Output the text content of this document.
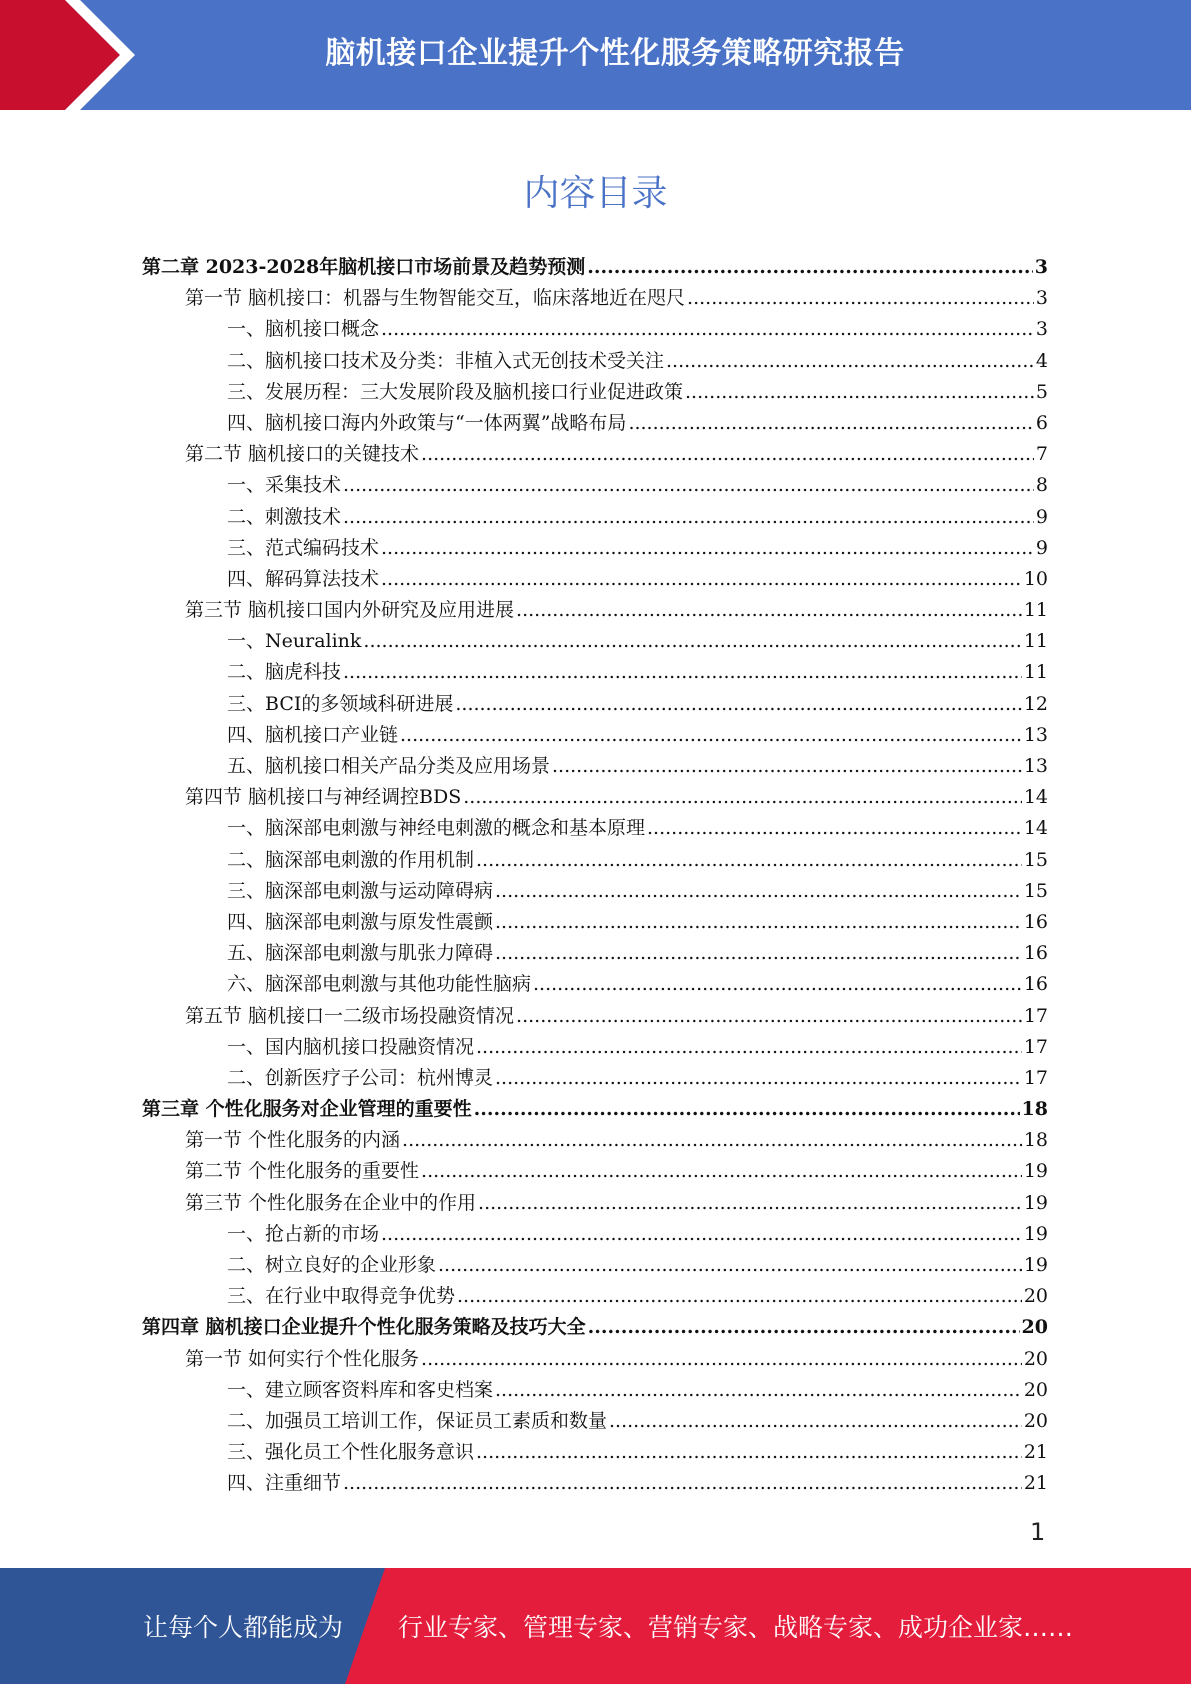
脑机接口企业提升个性化服务策略研究报告
内容目录
第二章 2023-2028年脑机接口市场前景及趋势预测 .....	3
第一节 脑机接口：机器与生物智能交互，临床落地近在咫尺 .....	3
一、脑机接口概念 .....	3
二、脑机接口技术及分类：非植入式无创技术受关注 .....	4
三、发展历程：三大发展阶段及脑机接口行业促进政策 .....	5
四、脑机接口海内外政策与“一体两翼”战略布局 .....	6
第二节 脑机接口的关键技术 .....	7
一、采集技术 .....	8
二、刺激技术 .....	9
三、范式编码技术 .....	9
四、解码算法技术 .....	10
第三节 脑机接口国内外研究及应用进展 .....	11
一、Neuralink .....	11
二、脑虎科技 .....	11
三、BCI的多领域科研进展 .....	12
四、脑机接口产业链 .....	13
五、脑机接口相关产品分类及应用场景 .....	13
第四节 脑机接口与神经调控BDS .....	14
一、脑深部电刺激与神经电刺激的概念和基本原理 .....	14
二、脑深部电刺激的作用机制 .....	15
三、脑深部电刺激与运动障碍病 .....	15
四、脑深部电刺激与原发性震颤 .....	16
五、脑深部电刺激与肌张力障碍 .....	16
六、脑深部电刺激与其他功能性脑病 .....	16
第五节 脑机接口一二级市场投融资情况 .....	17
一、国内脑机接口投融资情况 .....	17
二、创新医疗子公司：杭州博灵 .....	17
第三章 个性化服务对企业管理的重要性 .....	18
第一节 个性化服务的内涵 .....	18
第二节 个性化服务的重要性 .....	19
第三节 个性化服务在企业中的作用 .....	19
一、抢占新的市场 .....	19
二、树立良好的企业形象 .....	19
三、在行业中取得竞争优势 .....	20
第四章 脑机接口企业提升个性化服务策略及技巧大全 .....	20
第一节 如何实行个性化服务 .....	20
一、建立顾客资料库和客史档案 .....	20
二、加强员工培训工作，保证员工素质和数量 .....	20
三、强化员工个性化服务意识 .....	21
四、注重细节 .....	21
1
让每个人都能成为 行业专家、管理专家、营销专家、战略专家、成功企业家……
